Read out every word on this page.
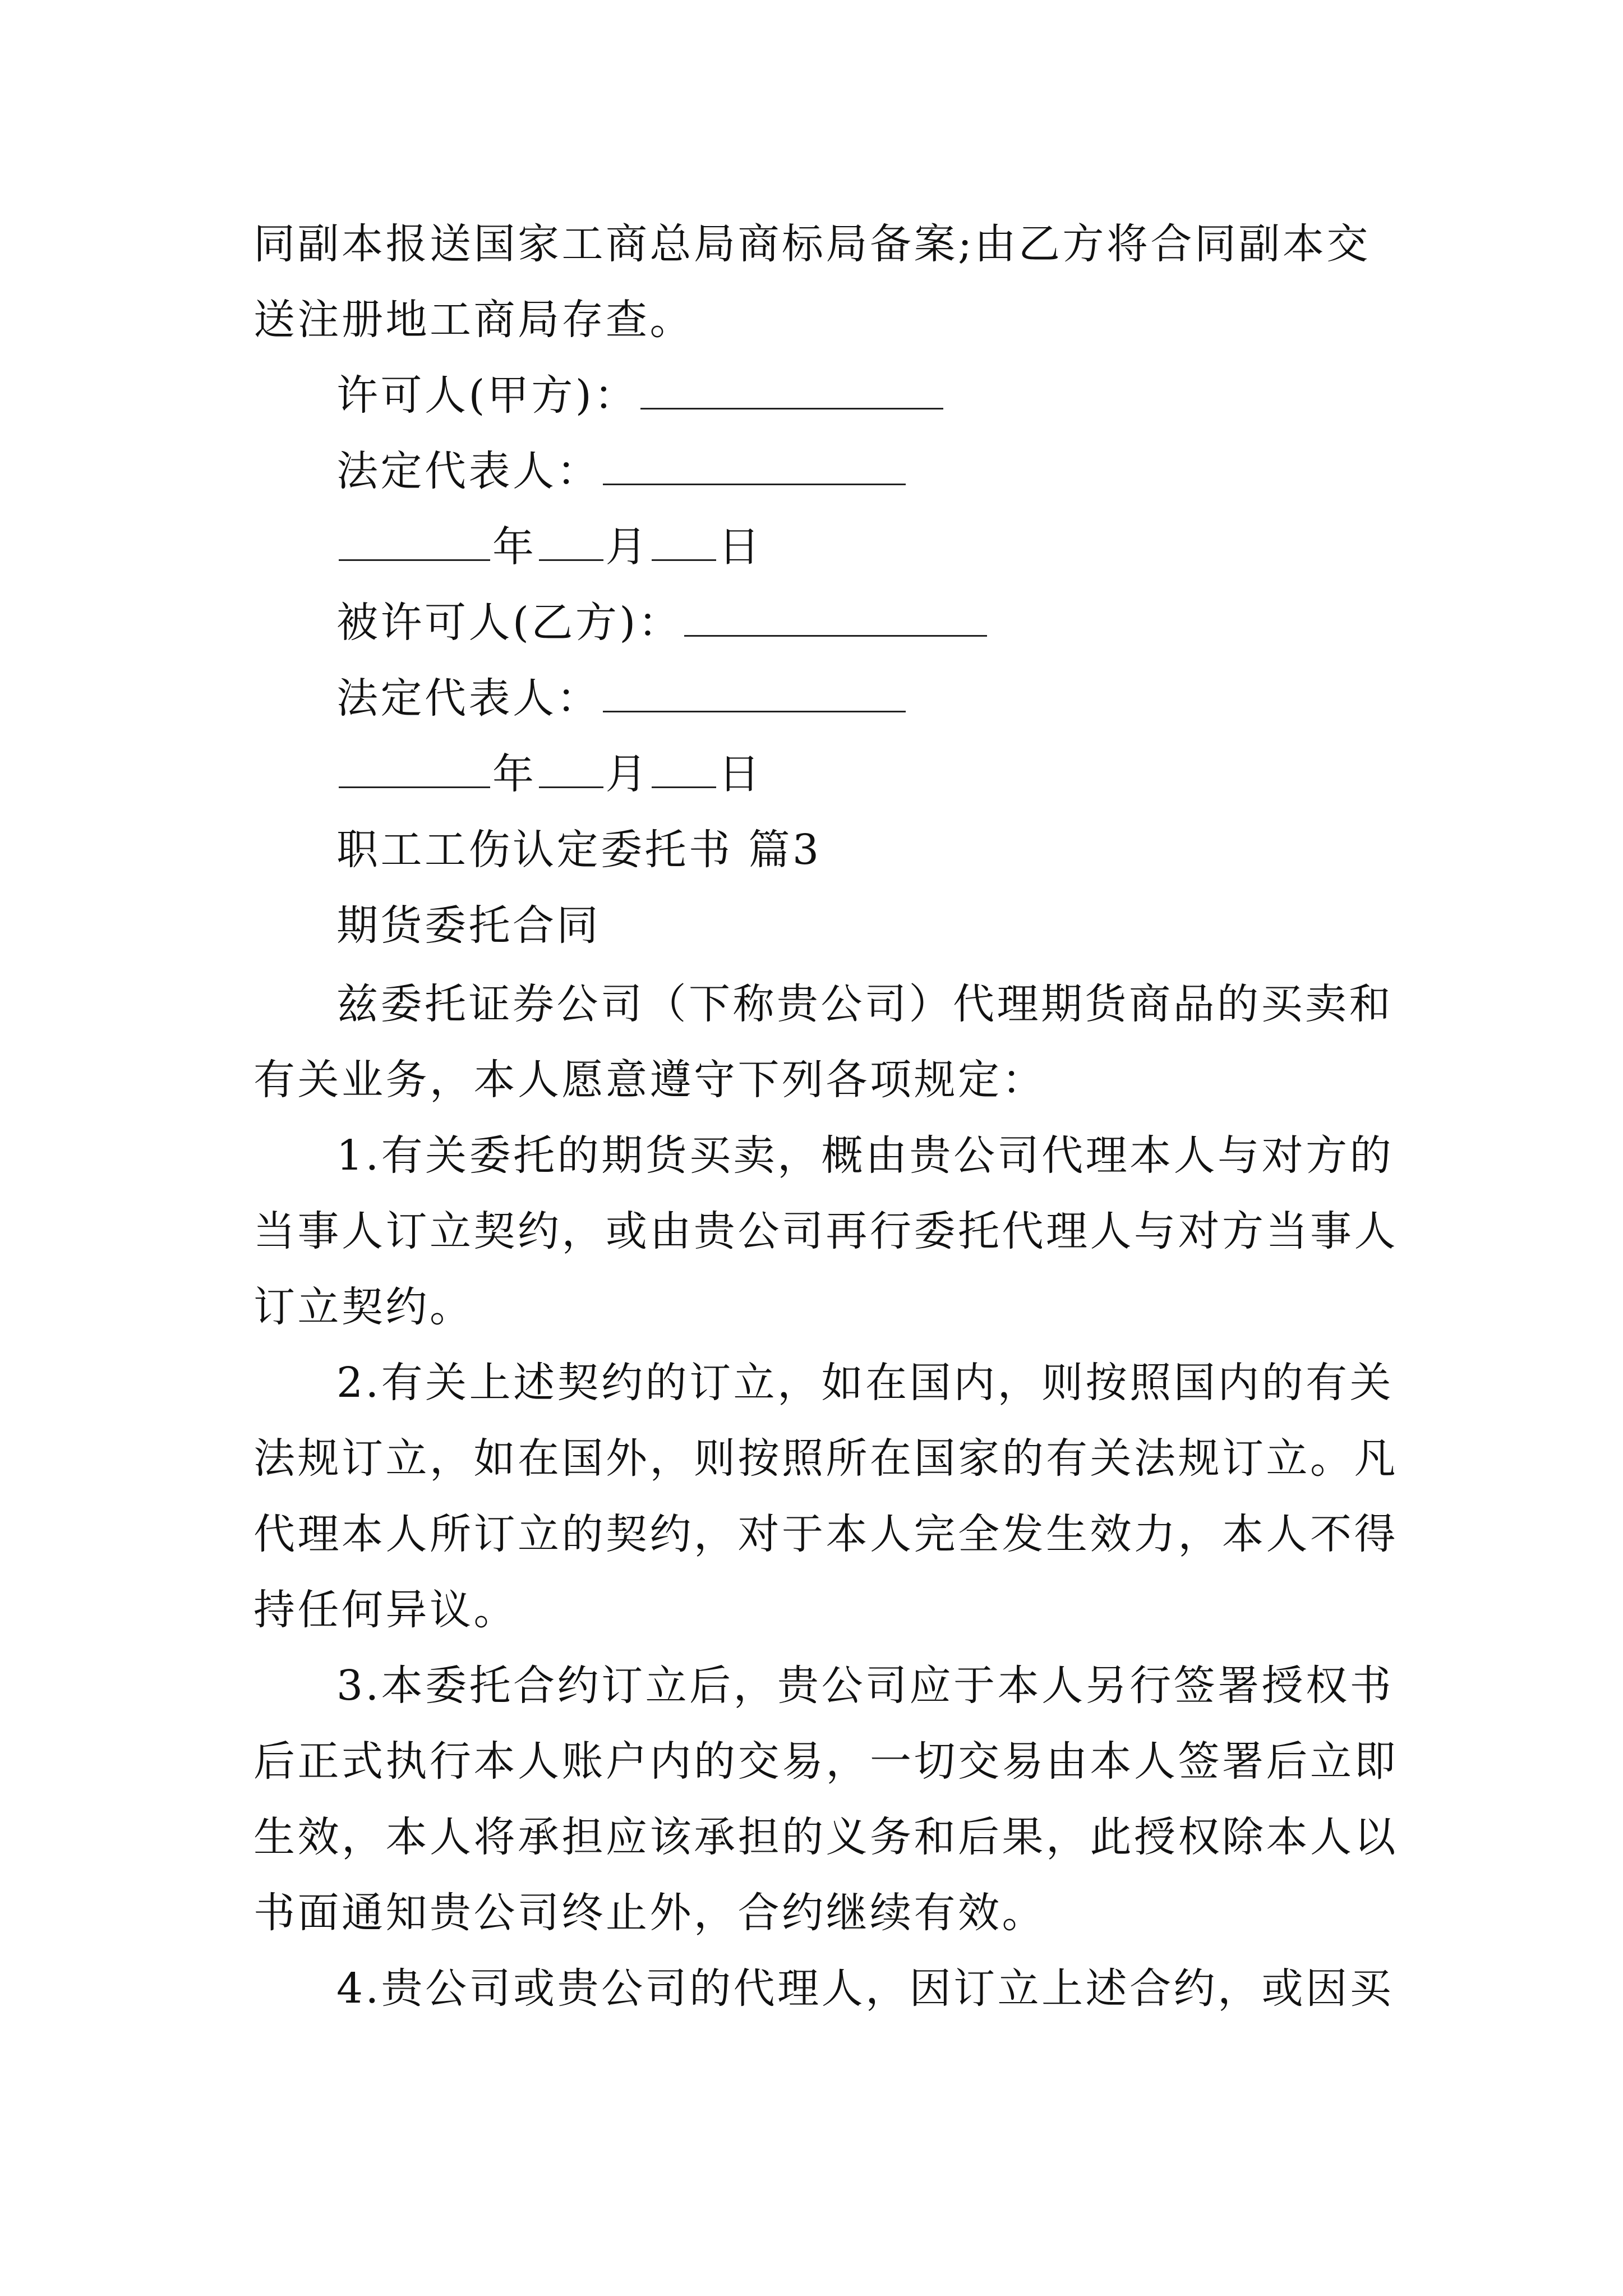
同副本报送国家工商总局商标局备案;由乙方将合同副本交
送注册地工商局存查。
许可人(甲方)：
法定代表人：
年 月 日
被许可人(乙方)：
法定代表人：
年 月 日
职工工伤认定委托书 篇3
期货委托合同
兹委托证券公司（下称贵公司）代理期货商品的买卖和
有关业务，本人愿意遵守下列各项规定：
1.有关委托的期货买卖，概由贵公司代理本人与对方的
当事人订立契约，或由贵公司再行委托代理人与对方当事人
订立契约。
2.有关上述契约的订立，如在国内，则按照国内的有关
法规订立，如在国外，则按照所在国家的有关法规订立。凡
代理本人所订立的契约，对于本人完全发生效力，本人不得
持任何异议。
3.本委托合约订立后，贵公司应于本人另行签署授权书
后正式执行本人账户内的交易，一切交易由本人签署后立即
生效，本人将承担应该承担的义务和后果，此授权除本人以
书面通知贵公司终止外，合约继续有效。
4.贵公司或贵公司的代理人，因订立上述合约，或因买
